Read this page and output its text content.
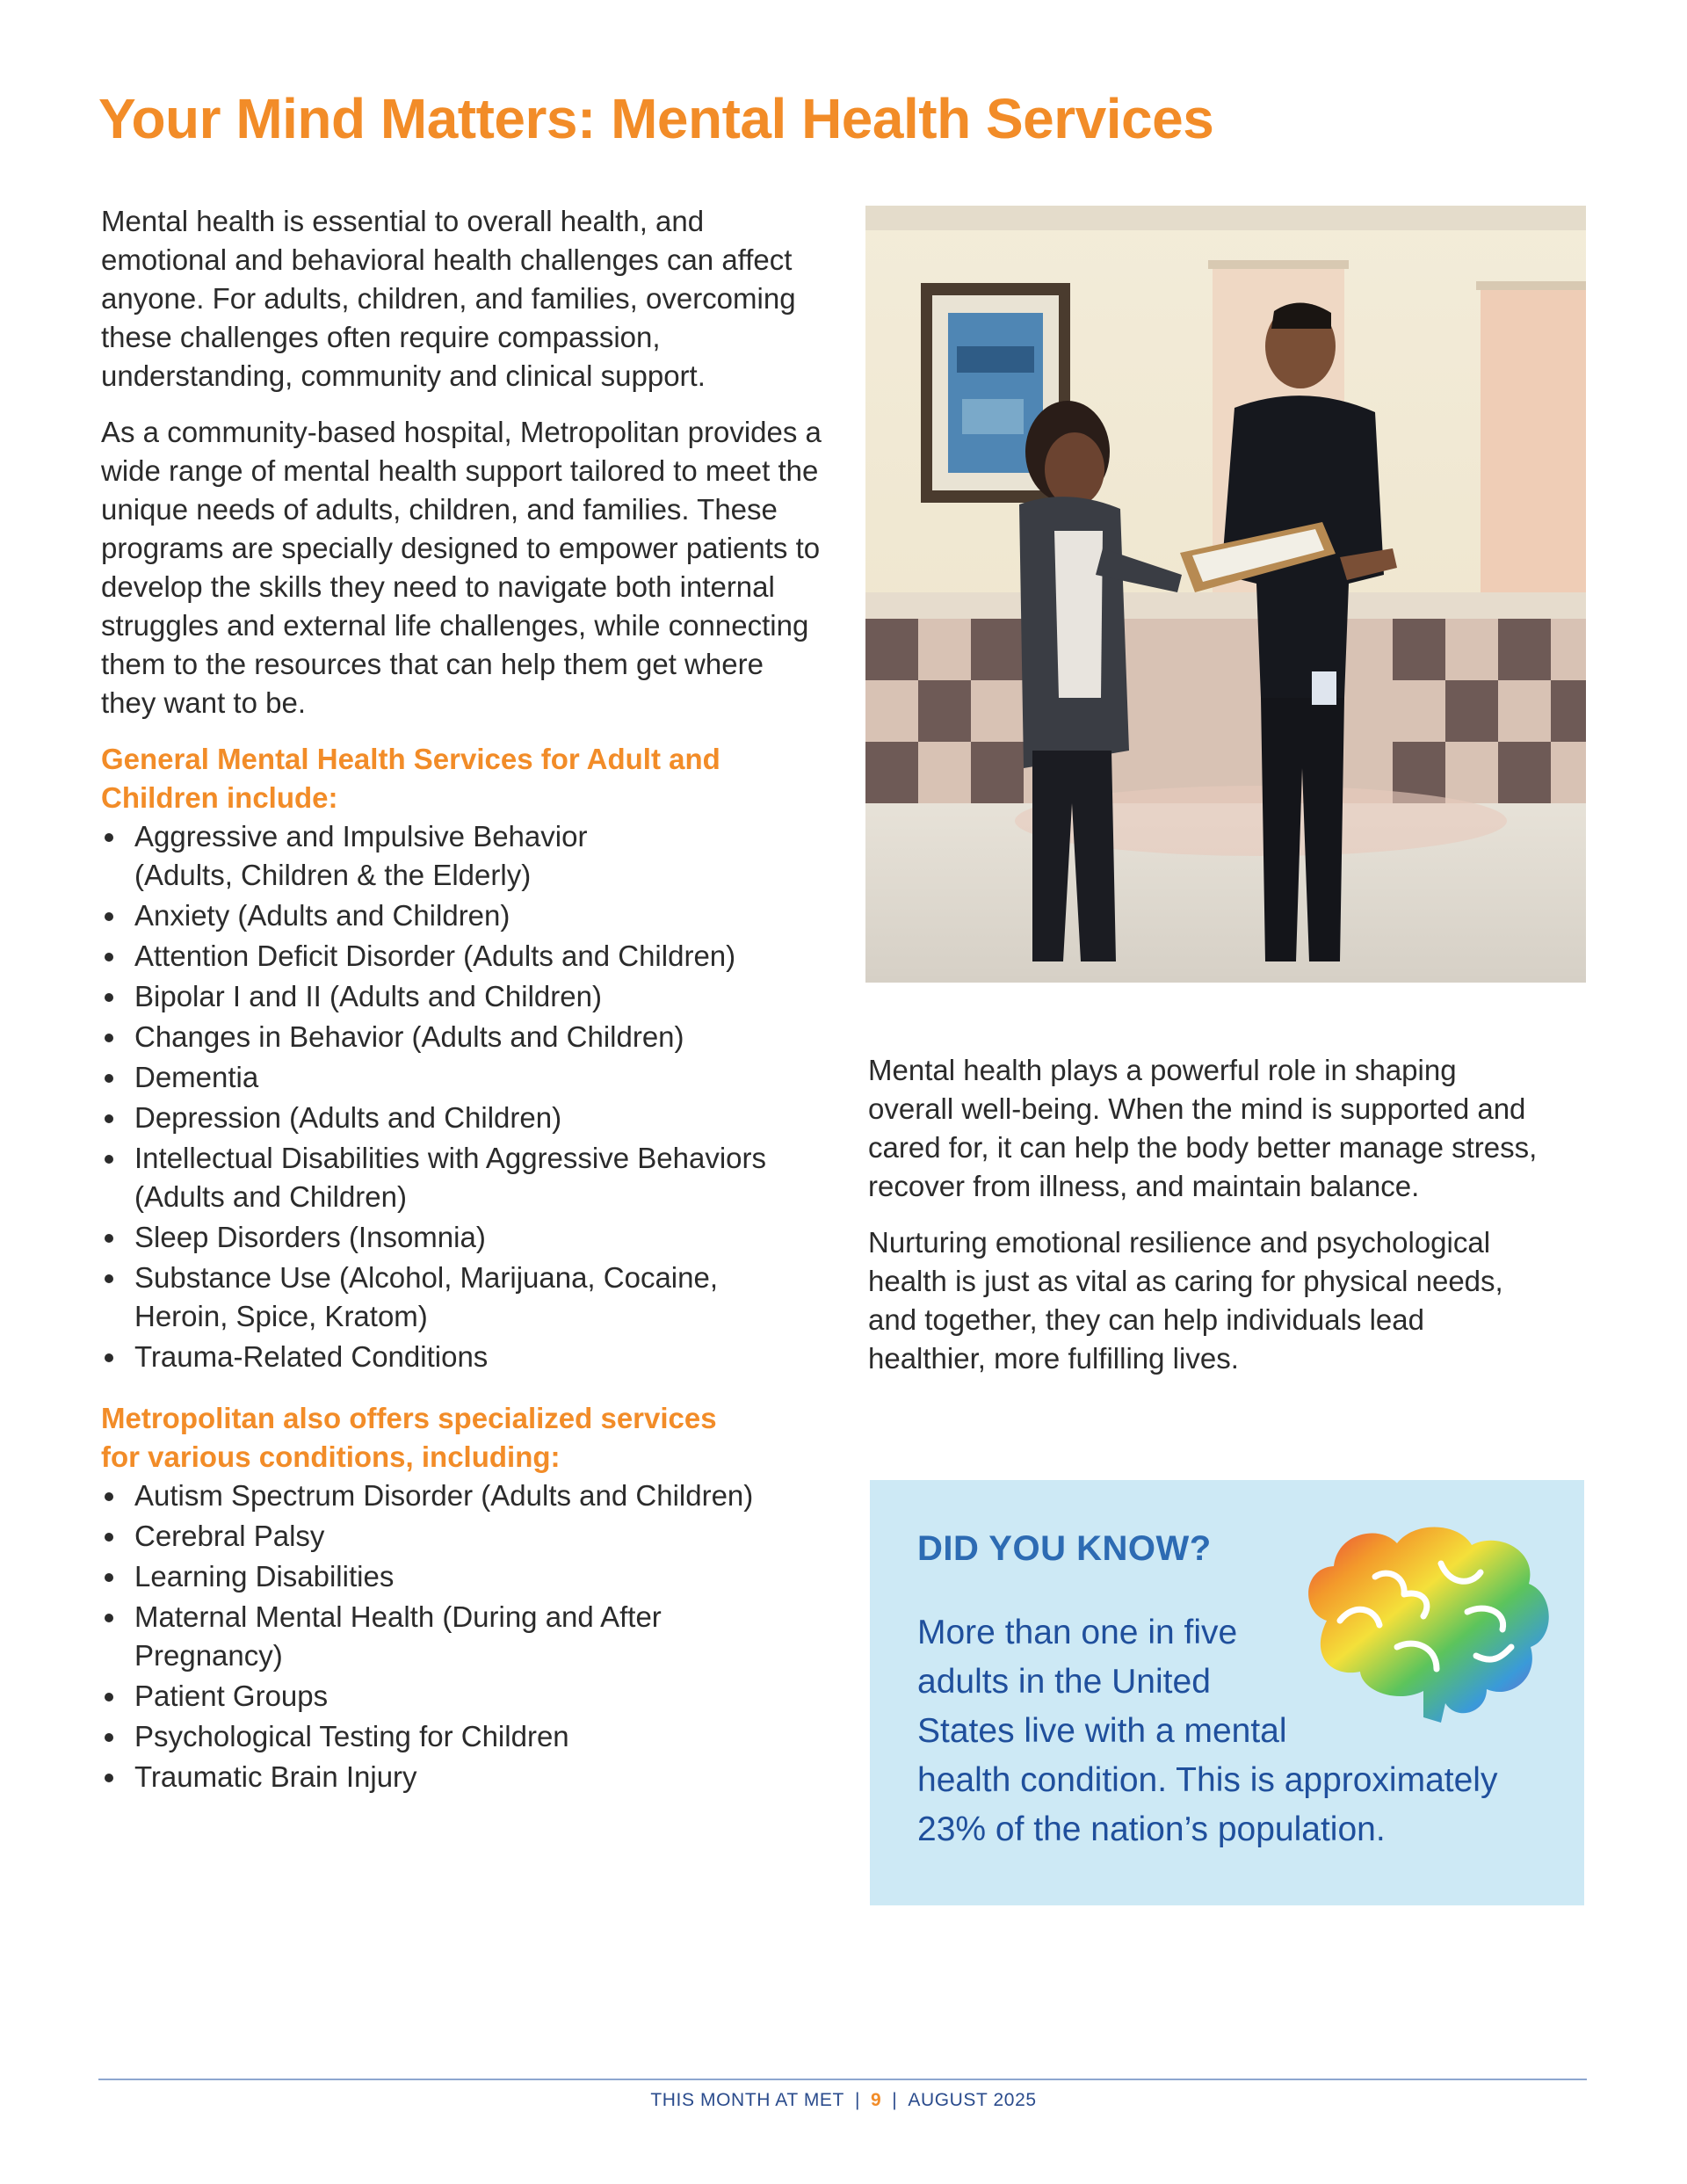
Your Mind Matters: Mental Health Services

Mental health is essential to overall health, and emotional and behavioral health challenges can affect anyone. For adults, children, and families, overcoming these challenges often require compassion, understanding, community and clinical support.

As a community-based hospital, Metropolitan provides a wide range of mental health support tailored to meet the unique needs of adults, children, and families. These programs are specially designed to empower patients to develop the skills they need to navigate both internal struggles and external life challenges, while connecting them to the resources that can help them get where they want to be.

General Mental Health Services for Adult and
Children include:

Aggressive and Impulsive Behavior
(Adults, Children & the Elderly)
Anxiety (Adults and Children)
Attention Deficit Disorder (Adults and Children)
Bipolar I and II (Adults and Children)
Changes in Behavior (Adults and Children)
Dementia
Depression (Adults and Children)
Intellectual Disabilities with Aggressive Behaviors
(Adults and Children)
Sleep Disorders (Insomnia)
Substance Use (Alcohol, Marijuana, Cocaine,
Heroin, Spice, Kratom)
Trauma-Related Conditions

Metropolitan also offers specialized services
for various conditions, including:

Autism Spectrum Disorder (Adults and Children)
Cerebral Palsy
Learning Disabilities
Maternal Mental Health (During and After
Pregnancy)
Patient Groups
Psychological Testing for Children
Traumatic Brain Injury

Mental health plays a powerful role in shaping
overall well-being. When the mind is supported and
cared for, it can help the body better manage stress,
recover from illness, and maintain balance.

Nurturing emotional resilience and psychological
health is just as vital as caring for physical needs,
and together, they can help individuals lead
healthier, more fulfilling lives.

DID YOU KNOW?

More than one in five
adults in the United
States live with a mental
health condition. This is approximately
23% of the nation’s population.
THIS MONTH AT MET | 9 | AUGUST 2025
